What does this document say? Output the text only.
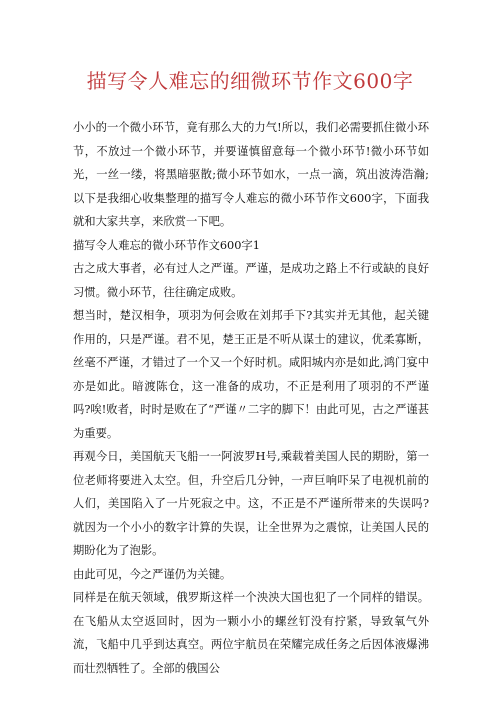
描写令人难忘的细微环节作文600字

小小的一个微小环节，竟有那么大的力气!所以，我们必需要抓住微小环节，不放过一个微小环节，并要谨慎留意每一个微小环节!微小环节如光，一丝一缕，将黑暗驱散;微小环节如水，一点一滴，筑出波涛浩瀚;以下是我细心收集整理的描写令人难忘的微小环节作文600字，下面我就和大家共享，来欣赏一下吧。

描写令人难忘的微小环节作文600字1

古之成大事者，必有过人之严谨。严谨，是成功之路上不行或缺的良好习惯。微小环节，往往确定成败。

想当时，楚汉相争，项羽为何会败在刘邦手下?其实并无其他，起关键作用的，只是严谨。君不见，楚王正是不听从谋士的建议，优柔寡断，丝毫不严谨，才错过了一个又一个好时机。咸阳城内亦是如此,鸿门宴中亦是如此。暗渡陈仓，这一准备的成功，不正是利用了项羽的不严谨吗?唉!败者，时时是败在了“严谨〃二字的脚下！由此可见，古之严谨甚为重要。

再观今日，美国航天飞船一一阿波罗H号,乘载着美国人民的期盼，第一位老师将要进入太空。但，升空后几分钟，一声巨响吓呆了电视机前的人们，美国陷入了一片死寂之中。这，不正是不严谨所带来的失误吗?就因为一个小小的数字计算的失误，让全世界为之震惊，让美国人民的期盼化为了泡影。

由此可见，今之严谨仍为关键。

同样是在航天领域，俄罗斯这样一个泱泱大国也犯了一个同样的错误。在飞船从太空返回时，因为一颗小小的螺丝钉没有拧紧，导致氧气外流，飞船中几乎到达真空。两位宇航员在荣耀完成任务之后因体液爆沸而壮烈牺牲了。全部的俄国公
